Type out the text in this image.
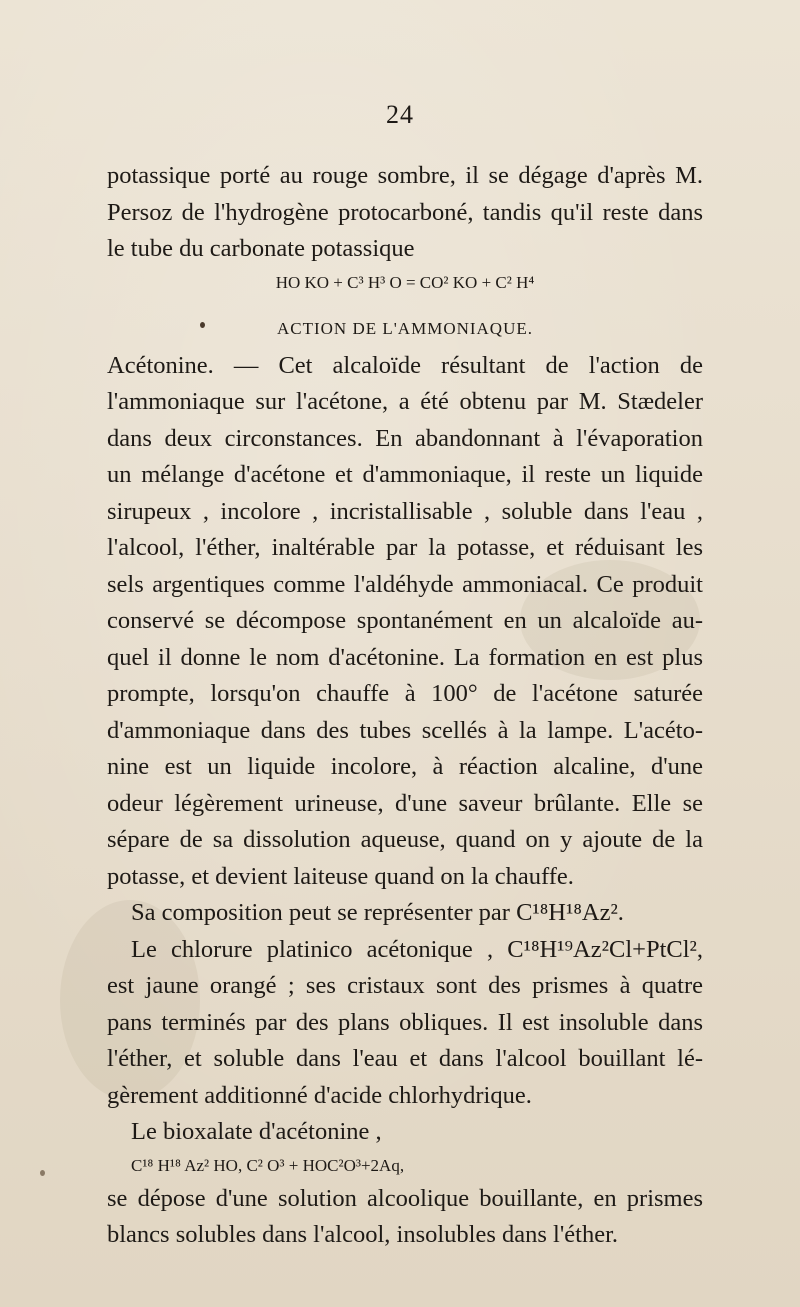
24
potassique porté au rouge sombre, il se dégage d'après M.
Persoz de l'hydrogène protocarboné, tandis qu'il reste dans
le tube du carbonate potassique
HO KO + C³ H³ O = CO² KO + C² H⁴
ACTION DE L'AMMONIAQUE.
Acétonine. — Cet alcaloïde résultant de l'action de
l'ammoniaque sur l'acétone, a été obtenu par M. Stædeler
dans deux circonstances. En abandonnant à l'évaporation
un mélange d'acétone et d'ammoniaque, il reste un liquide
sirupeux , incolore , incristallisable , soluble dans l'eau ,
l'alcool, l'éther, inaltérable par la potasse, et réduisant les
sels argentiques comme l'aldéhyde ammoniacal. Ce produit
conservé se décompose spontanément en un alcaloïde au-
quel il donne le nom d'acétonine. La formation en est plus
prompte, lorsqu'on chauffe à 100° de l'acétone saturée
d'ammoniaque dans des tubes scellés à la lampe. L'acéto-
nine est un liquide incolore, à réaction alcaline, d'une
odeur légèrement urineuse, d'une saveur brûlante. Elle se
sépare de sa dissolution aqueuse, quand on y ajoute de la
potasse, et devient laiteuse quand on la chauffe.
Sa composition peut se représenter par C¹⁸H¹⁸Az².
Le chlorure platinico acétonique , C¹⁸H¹⁹Az²Cl+PtCl²,
est jaune orangé ; ses cristaux sont des prismes à quatre
pans terminés par des plans obliques. Il est insoluble dans
l'éther, et soluble dans l'eau et dans l'alcool bouillant lé-
gèrement additionné d'acide chlorhydrique.
Le bioxalate d'acétonine ,
C¹⁸ H¹⁸ Az² HO, C² O³ + HOC²O³+2Aq,
se dépose d'une solution alcoolique bouillante, en prismes
blancs solubles dans l'alcool, insolubles dans l'éther.
